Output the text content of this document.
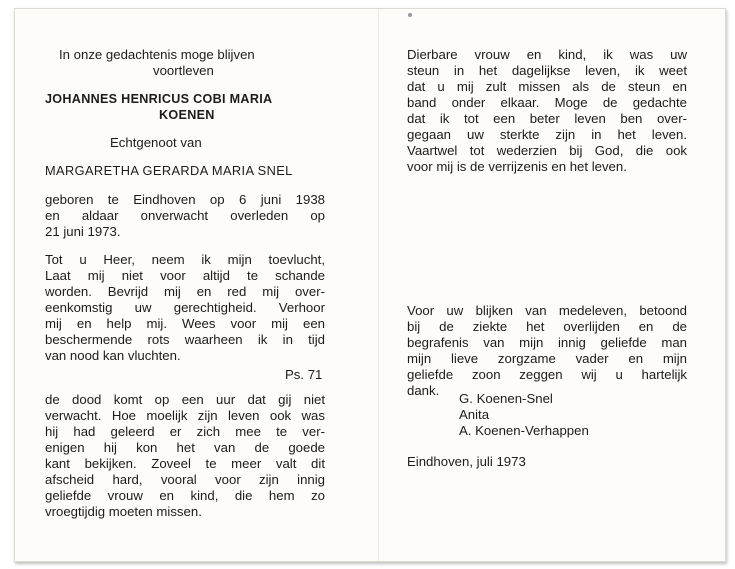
In onze gedachtenis moge blijven
voortleven
JOHANNES HENRICUS COBI MARIA
KOENEN
Echtgenoot van
MARGARETHA GERARDA MARIA SNEL
geboren te Eindhoven op 6 juni 1938
en aldaar onverwacht overleden op
21 juni 1973.
Tot u Heer, neem ik mijn toevlucht,
Laat mij niet voor altijd te schande
worden. Bevrijd mij en red mij over-
eenkomstig uw gerechtigheid. Verhoor
mij en help mij. Wees voor mij een
beschermende rots waarheen ik in tijd
van nood kan vluchten.
Ps. 71
de dood komt op een uur dat gij niet
verwacht. Hoe moelijk zijn leven ook was
hij had geleerd er zich mee te ver-
enigen hij kon het van de goede
kant bekijken. Zoveel te meer valt dit
afscheid hard, vooral voor zijn innig
geliefde vrouw en kind, die hem zo
vroegtijdig moeten missen.
Dierbare vrouw en kind, ik was uw
steun in het dagelijkse leven, ik weet
dat u mij zult missen als de steun en
band onder elkaar. Moge de gedachte
dat ik tot een beter leven ben over-
gegaan uw sterkte zijn in het leven.
Vaartwel tot wederzien bij God, die ook
voor mij is de verrijzenis en het leven.
Voor uw blijken van medeleven, betoond
bij de ziekte het overlijden en de
begrafenis van mijn innig geliefde man
mijn lieve zorgzame vader en mijn
geliefde zoon zeggen wij u hartelijk
dank.
G. Koenen-Snel
Anita
A. Koenen-Verhappen
Eindhoven, juli 1973
